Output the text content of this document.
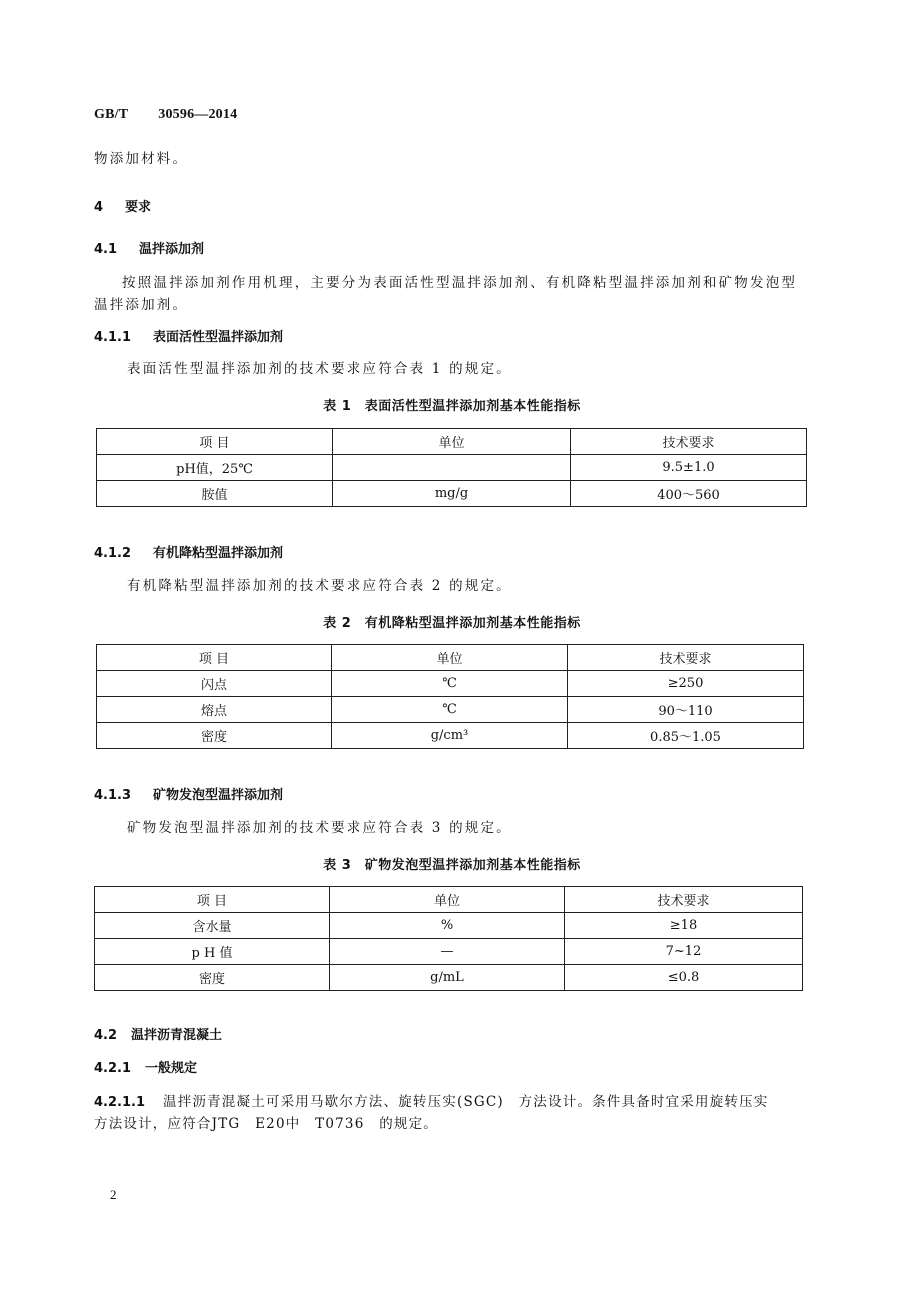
GB/T 30596—2014
物添加材料。
4 要求
4.1 温拌添加剂
按照温拌添加剂作用机理，主要分为表面活性型温拌添加剂、有机降粘型温拌添加剂和矿物发泡型
温拌添加剂。
4.1.1 表面活性型温拌添加剂
表面活性型温拌添加剂的技术要求应符合表 1 的规定。
表 1　表面活性型温拌添加剂基本性能指标
项 目	单位	技术要求
pH值，25℃		9.5±1.0
胺值	mg/g	400～560
4.1.2 有机降粘型温拌添加剂
有机降粘型温拌添加剂的技术要求应符合表 2 的规定。
表 2　有机降粘型温拌添加剂基本性能指标
项 目	单位	技术要求
闪点	℃	≥250
熔点	℃	90～110
密度	g/cm³	0.85～1.05
4.1.3 矿物发泡型温拌添加剂
矿物发泡型温拌添加剂的技术要求应符合表 3 的规定。
表 3　矿物发泡型温拌添加剂基本性能指标
项 目	单位	技术要求
含水量	%	≥18
p H 值	—	7~12
密度	g/mL	≤0.8
4.2 温拌沥青混凝土
4.2.1 一般规定
4.2.1.1 温拌沥青混凝土可采用马歇尔方法、旋转压实(SGC)　方法设计。条件具备时宜采用旋转压实
方法设计，应符合JTG　E20中　T0736　的规定。
2
